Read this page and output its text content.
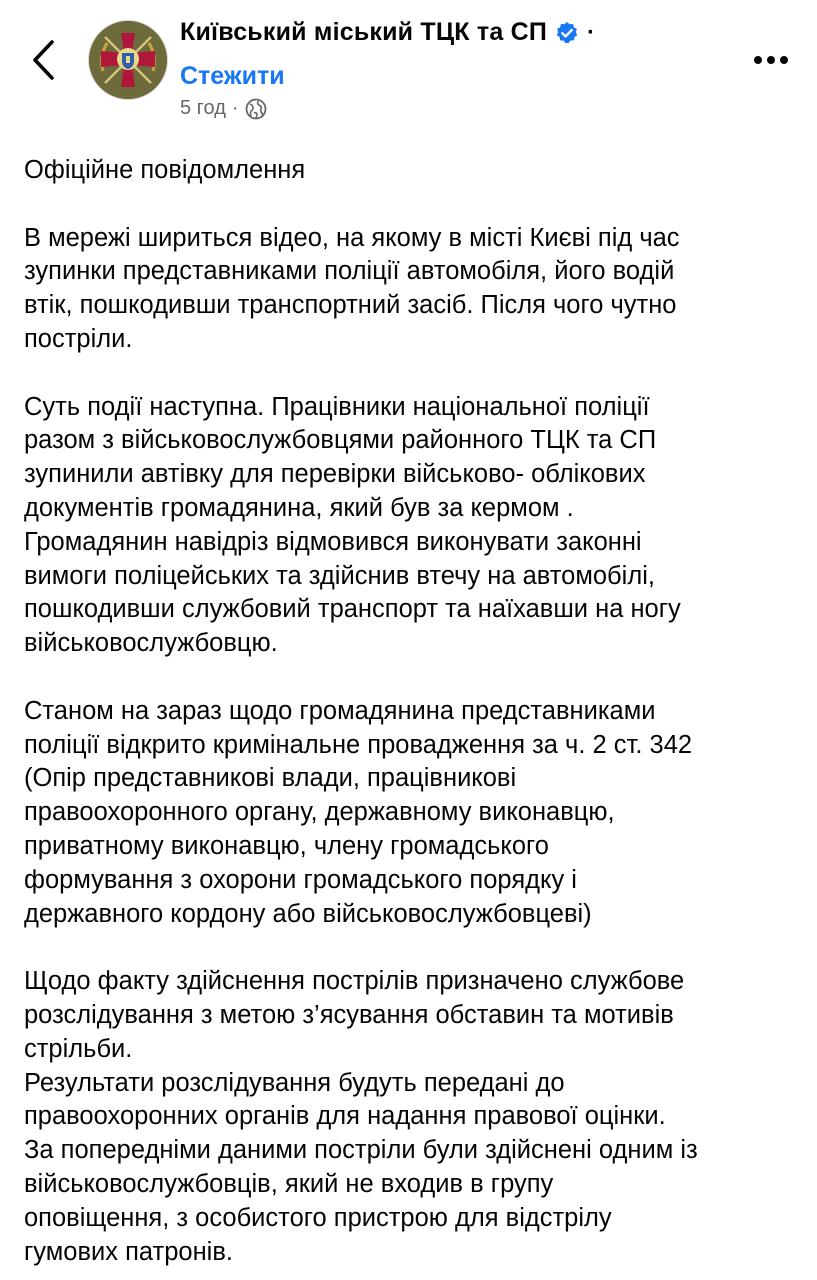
Київський міський ТЦК та СП ·
Стежити
5 год ·

Офіційне повідомлення

В мережі шириться відео, на якому в місті Києві під час
зупинки представниками поліції автомобіля, його водій
втік, пошкодивши транспортний засіб. Після чого чутно
постріли.

Суть події наступна. Працівники національної поліції
разом з військовослужбовцями районного ТЦК та СП
зупинили автівку для перевірки військово- облікових
документів громадянина, який був за кермом .
Громадянин навідріз відмовився виконувати законні
вимоги поліцейських та здійснив втечу на автомобілі,
пошкодивши службовий транспорт та наїхавши на ногу
військовослужбовцю.

Станом на зараз щодо громадянина представниками
поліції відкрито кримінальне провадження за ч. 2 ст. 342
(Опір представникові влади, працівникові
правоохоронного органу, державному виконавцю,
приватному виконавцю, члену громадського
формування з охорони громадського порядку і
державного кордону або військовослужбовцеві)

Щодо факту здійснення пострілів призначено службове
розслідування з метою з’ясування обставин та мотивів
стрільби.
Результати розслідування будуть передані до
правоохоронних органів для надання правової оцінки.
За попередніми даними постріли були здійснені одним із
військовослужбовців, який не входив в групу
оповіщення, з особистого пристрою для відстрілу
гумових патронів.
